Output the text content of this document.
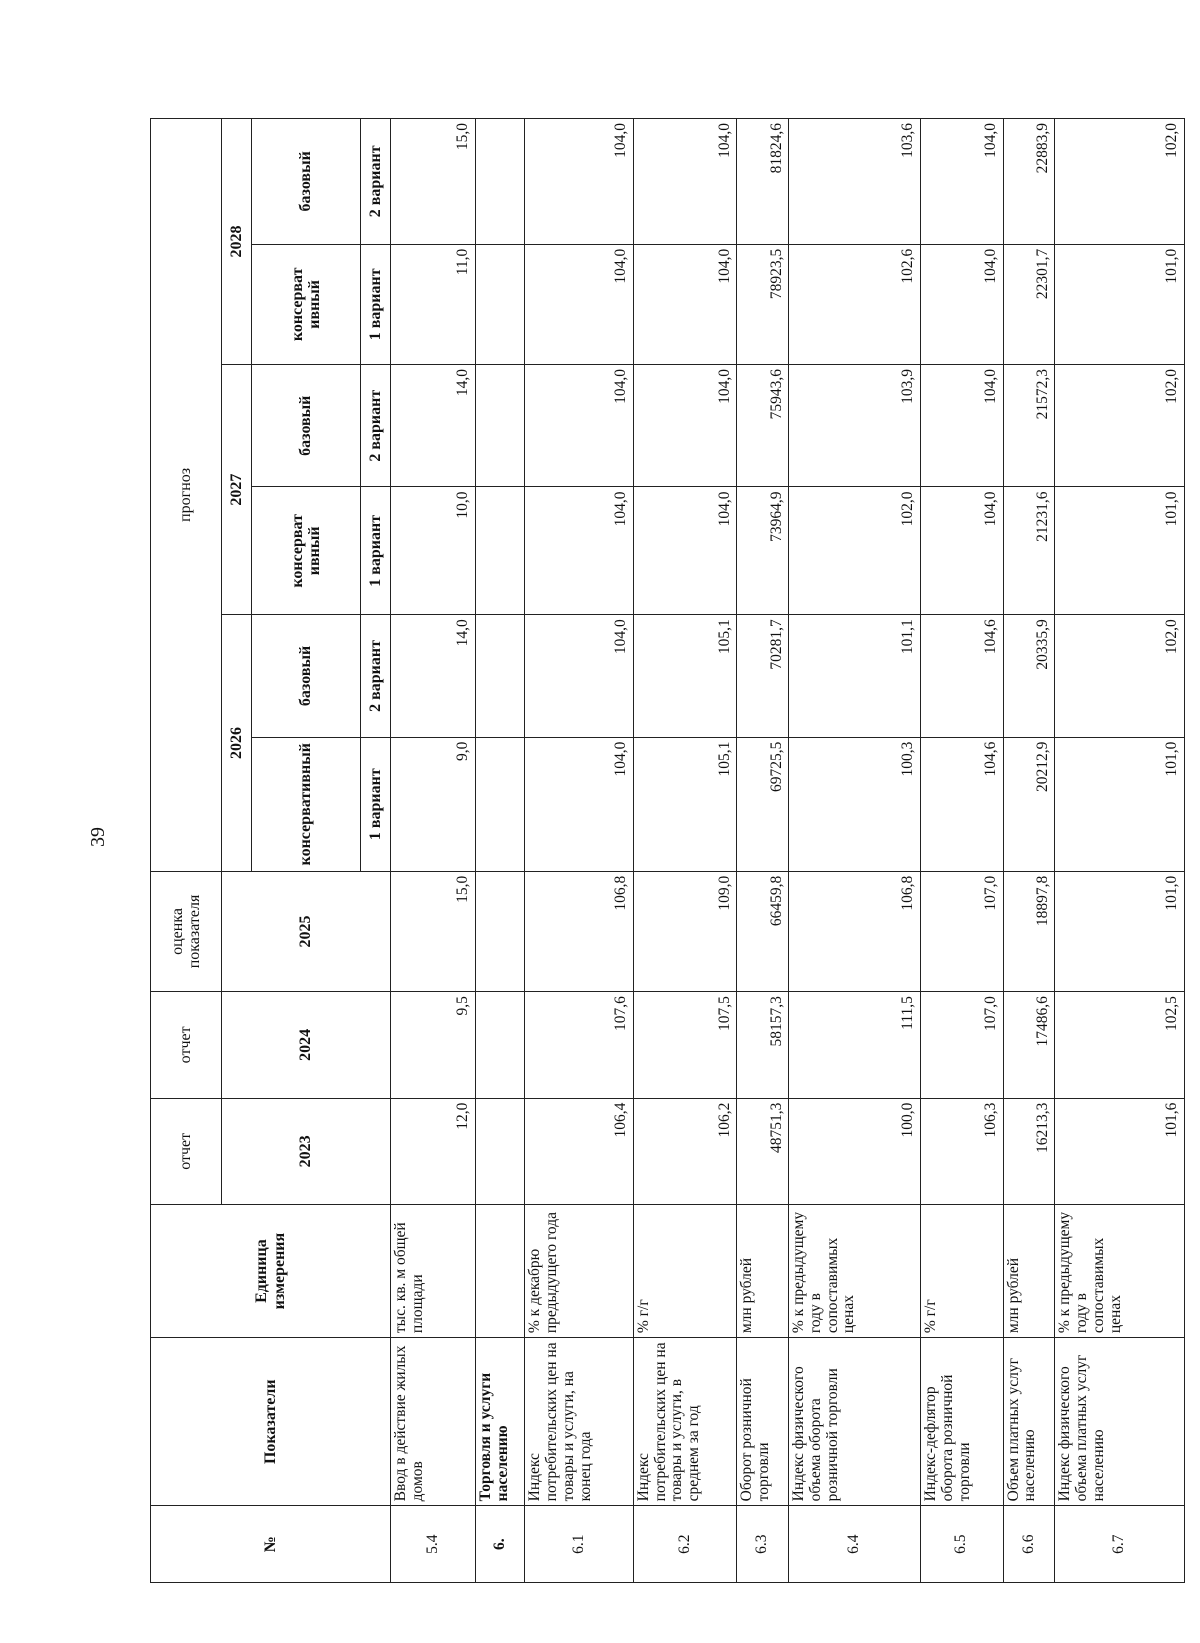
39
№	Показатели	Единица измерения	отчет	отчет	оценка показателя	прогноз					
			2023	2024	2025	2026		2027		2028	
						консервативный	базовый	консерват ивный	базовый	консерват ивный	базовый
						1 вариант	2 вариант	1 вариант	2 вариант	1 вариант	2 вариант
5.4	Ввод в действие жилых домов	тыс. кв. м общей площади	12,0	9,5	15,0	9,0	14,0	10,0	14,0	11,0	15,0
6.	Торговля и услуги населению										
6.1	Индекс потребительских цен на товары и услуги, на конец года	% к декабрю предыдущего года	106,4	107,6	106,8	104,0	104,0	104,0	104,0	104,0	104,0
6.2	Индекс потребительских цен на товары и услуги, в среднем за год	% г/г	106,2	107,5	109,0	105,1	105,1	104,0	104,0	104,0	104,0
6.3	Оборот розничной торговли	млн рублей	48751,3	58157,3	66459,8	69725,5	70281,7	73964,9	75943,6	78923,5	81824,6
6.4	Индекс физического объема оборота розничной торговли	% к предыдущему году в сопоставимых ценах	100,0	111,5	106,8	100,3	101,1	102,0	103,9	102,6	103,6
6.5	Индекс-дефлятор оборота розничной торговли	% г/г	106,3	107,0	107,0	104,6	104,6	104,0	104,0	104,0	104,0
6.6	Объем платных услуг населению	млн рублей	16213,3	17486,6	18897,8	20212,9	20335,9	21231,6	21572,3	22301,7	22883,9
6.7	Индекс физического объема платных услуг населению	% к предыдущему году в сопоставимых ценах	101,6	102,5	101,0	101,0	102,0	101,0	102,0	101,0	102,0
